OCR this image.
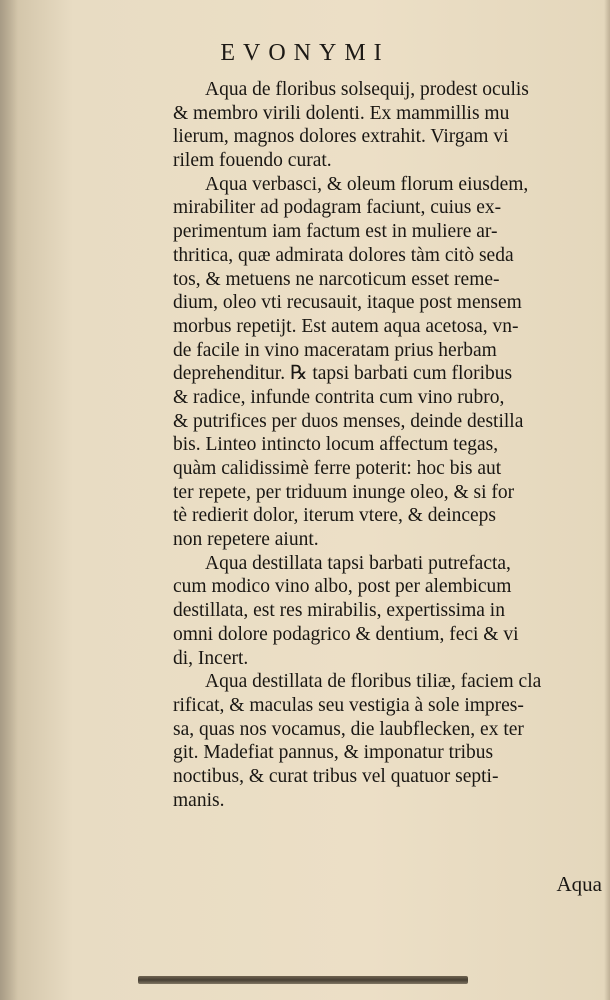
EVONYMI
Aqua de floribus solsequij, prodest oculis
& membro virili dolenti. Ex mammillis mu
lierum, magnos dolores extrahit. Virgam vi
rilem fouendo curat.
Aqua verbasci, & oleum florum eiusdem,
mirabiliter ad podagram faciunt, cuius ex-
perimentum iam factum est in muliere ar-
thritica, quæ admirata dolores tàm citò seda
tos, & metuens ne narcoticum esset reme-
dium, oleo vti recusauit, itaque post mensem
morbus repetijt. Est autem aqua acetosa, vn-
de facile in vino maceratam prius herbam
deprehenditur. ℞ tapsi barbati cum floribus
& radice, infunde contrita cum vino rubro,
& putrifices per duos menses, deinde destilla
bis. Linteo intincto locum affectum tegas,
quàm calidissimè ferre poterit: hoc bis aut
ter repete, per triduum inunge oleo, & si for
tè redierit dolor, iterum vtere, & deinceps
non repetere aiunt.
Aqua destillata tapsi barbati putrefacta,
cum modico vino albo, post per alembicum
destillata, est res mirabilis, expertissima in
omni dolore podagrico & dentium, feci & vi
di, Incert.
Aqua destillata de floribus tiliæ, faciem cla
rificat, & maculas seu vestigia à sole impres-
sa, quas nos vocamus, die laubflecken, ex ter
git. Madefiat pannus, & imponatur tribus
noctibus, & curat tribus vel quatuor septi-
manis.
Aqua
